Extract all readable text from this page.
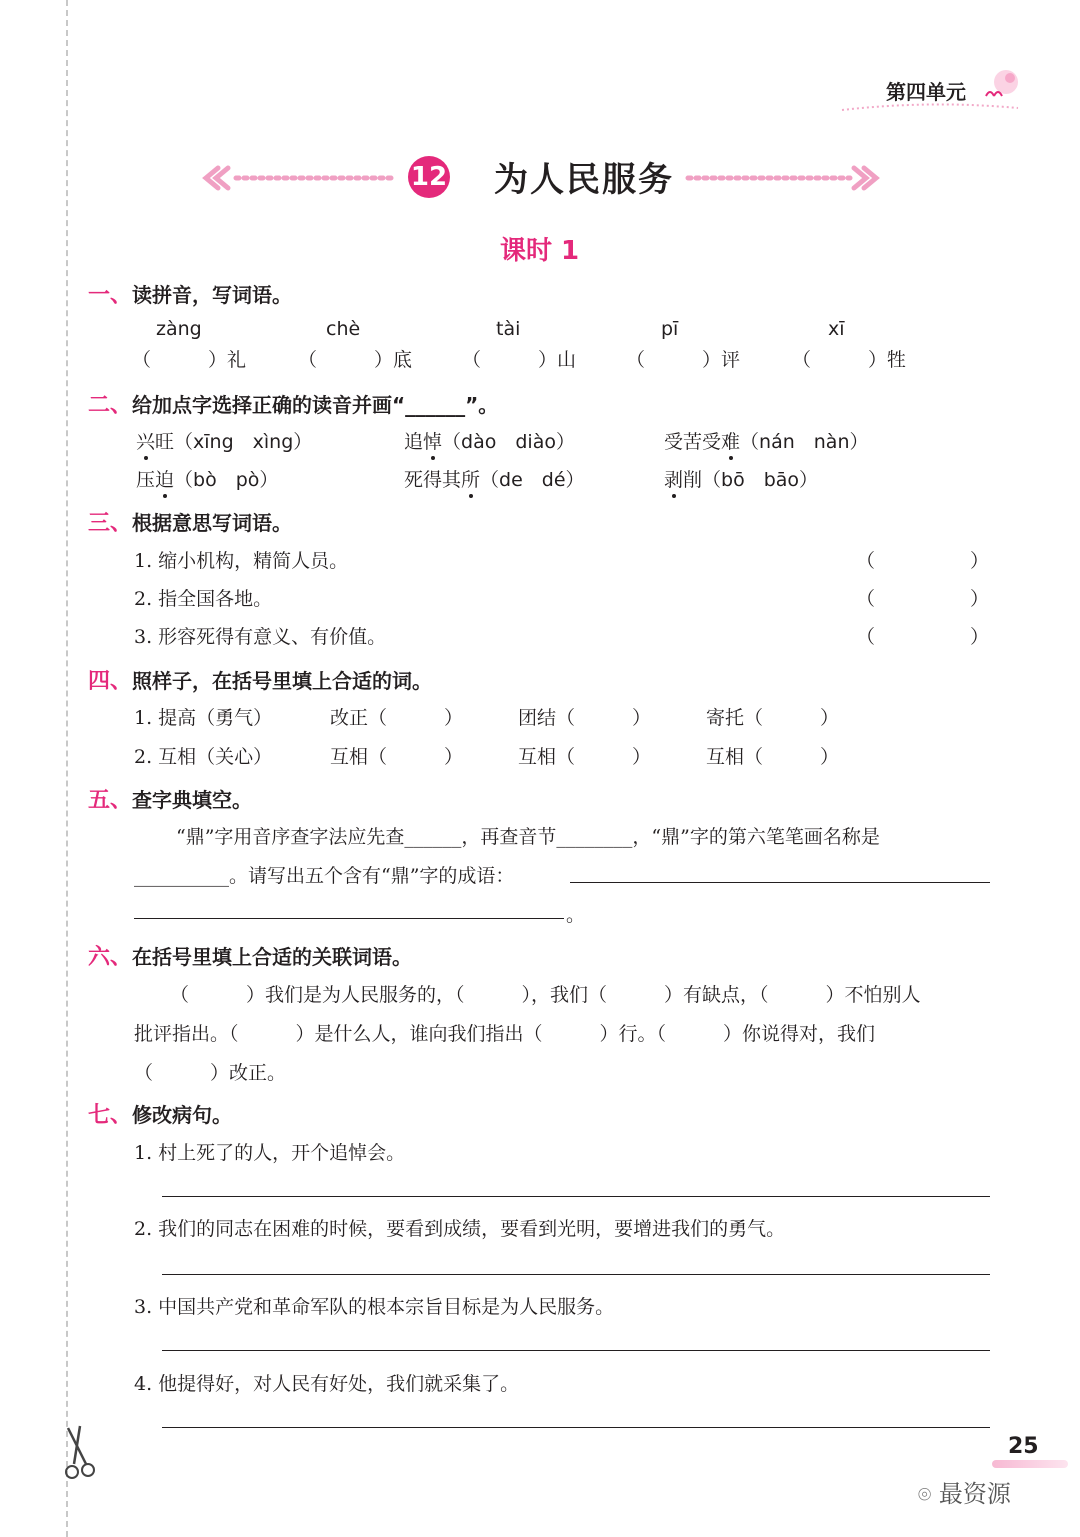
第四单元
12 为人民服务
课时 1
一、读拼音，写词语。
zàng	chè	tài	pī	xī
（　　　）礼	（　　　）底	（　　　）山	（　　　）评	（　　　）牲
二、给加点字选择正确的读音并画“______”。
兴旺（xīng　xìng）	追悼（dào　diào）	受苦受难（nán　nàn）
压迫（bò　pò）	死得其所（de　dé）	剥削（bō　bāo）
三、根据意思写词语。
1. 缩小机构，精简人员。	（　　　　　）
2. 指全国各地。	（　　　　　）
3. 形容死得有意义、有价值。	（　　　　　）
四、照样子，在括号里填上合适的词。
1. 提高（勇气）	改正（　　　）	团结（　　　）	寄托（　　　）
2. 互相（关心）	互相（　　　）	互相（　　　）	互相（　　　）
五、查字典填空。
“鼎”字用音序查字法应先查______，再查音节________，“鼎”字的第六笔笔画名称是
__________。请写出五个含有“鼎”字的成语：
。
六、在括号里填上合适的关联词语。
（　　　）我们是为人民服务的，（　　　），我们（　　　）有缺点，（　　　）不怕别人
批评指出。（　　　）是什么人，谁向我们指出（　　　）行。（　　　）你说得对，我们
（　　　）改正。
七、修改病句。
1. 村上死了的人，开个追悼会。
2. 我们的同志在困难的时候，要看到成绩，要看到光明，要增进我们的勇气。
3. 中国共产党和革命军队的根本宗旨目标是为人民服务。
4. 他提得好，对人民有好处，我们就采集了。
25
⌾ 最资源
